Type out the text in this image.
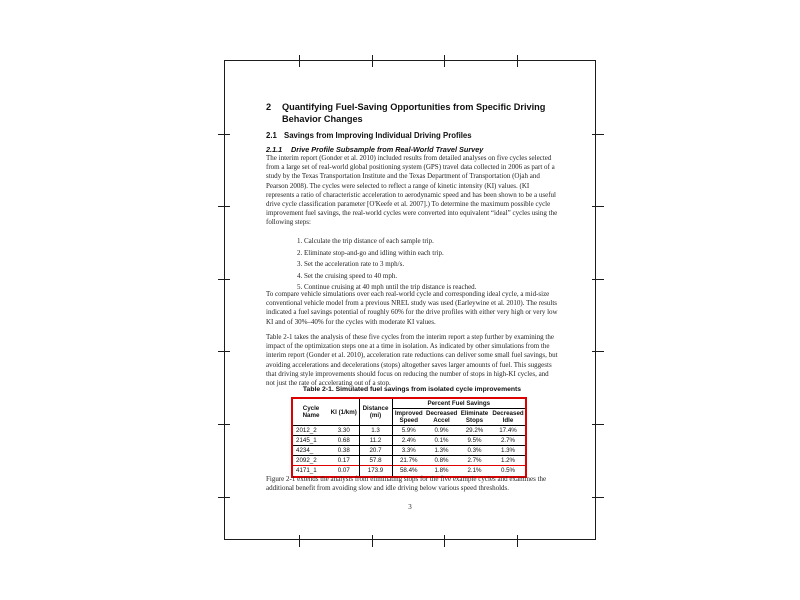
2	Quantifying Fuel-Saving Opportunities from Specific Driving Behavior Changes
2.1 Savings from Improving Individual Driving Profiles
2.1.1	Drive Profile Subsample from Real-World Travel Survey
The interim report (Gonder et al. 2010) included results from detailed analyses on five cycles selected from a large set of real-world global positioning system (GPS) travel data collected in 2006 as part of a study by the Texas Transportation Institute and the Texas Department of Transportation (Ojah and Pearson 2008). The cycles were selected to reflect a range of kinetic intensity (KI) values. (KI represents a ratio of characteristic acceleration to aerodynamic speed and has been shown to be a useful drive cycle classification parameter [O'Keefe et al. 2007].) To determine the maximum possible cycle improvement fuel savings, the real-world cycles were converted into equivalent “ideal” cycles using the following steps:
1. Calculate the trip distance of each sample trip.
2. Eliminate stop-and-go and idling within each trip.
3. Set the acceleration rate to 3 mph/s.
4. Set the cruising speed to 40 mph.
5. Continue cruising at 40 mph until the trip distance is reached.
To compare vehicle simulations over each real-world cycle and corresponding ideal cycle, a mid-size conventional vehicle model from a previous NREL study was used (Earleywine et al. 2010). The results indicated a fuel savings potential of roughly 60% for the drive profiles with either very high or very low KI and of 30%–40% for the cycles with moderate KI values.
Table 2-1 takes the analysis of these five cycles from the interim report a step further by examining the impact of the optimization steps one at a time in isolation. As indicated by other simulations from the interim report (Gonder et al. 2010), acceleration rate reductions can deliver some small fuel savings, but avoiding accelerations and decelerations (stops) altogether saves larger amounts of fuel. This suggests that driving style improvements should focus on reducing the number of stops in high-KI cycles, and not just the rate of accelerating out of a stop.
Table 2-1. Simulated fuel savings from isolated cycle improvements
Cycle Name	KI (1/km)	Distance (mi)	Percent Fuel Savings			
			Improved Speed	Decreased Accel	Eliminate Stops	Decreased Idle
2012_2	3.30	1.3	5.9%	0.9%	29.2%	17.4%
2145_1	0.68	11.2	2.4%	0.1%	9.5%	2.7%
4234_	0.38	20.7	3.3%	1.3%	0.3%	1.3%
2092_2	0.17	57.8	21.7%	0.8%	2.7%	1.2%
4171_1	0.07	173.9	58.4%	1.8%	2.1%	0.5%
Figure 2-1 extends the analysis from eliminating stops for the five example cycles and examines the additional benefit from avoiding slow and idle driving below various speed thresholds.
3
